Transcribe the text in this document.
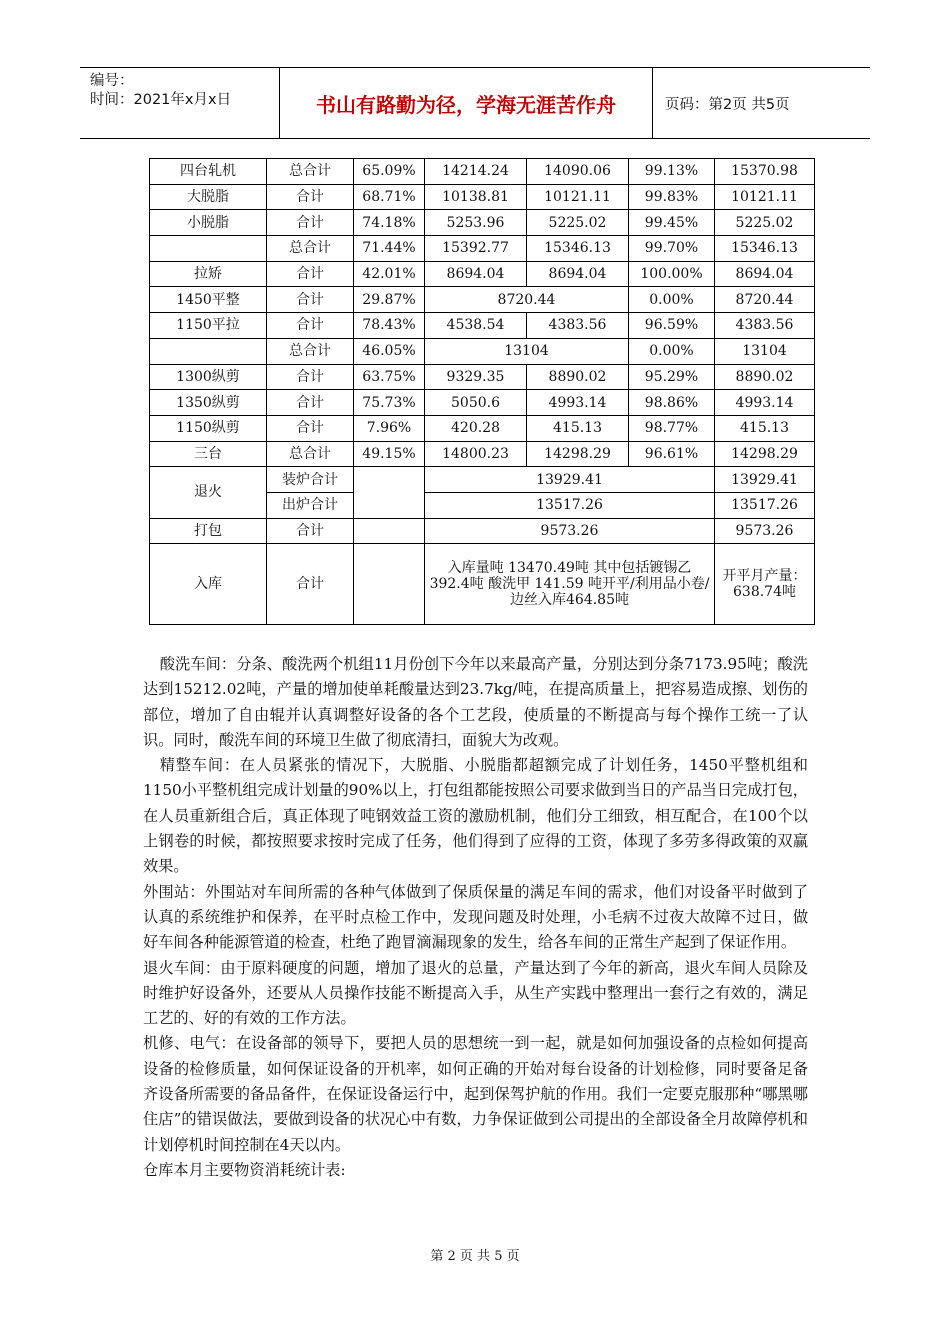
编号：
时间：2021年x月x日	书山有路勤为径，学海无涯苦作舟	页码：第2页 共5页
四台轧机	总合计	65.09%	14214.24	14090.06	99.13%	15370.98
大脱脂	合计	68.71%	10138.81	10121.11	99.83%	10121.11
小脱脂	合计	74.18%	5253.96	5225.02	99.45%	5225.02
	总合计	71.44%	15392.77	15346.13	99.70%	15346.13
拉矫	合计	42.01%	8694.04	8694.04	100.00%	8694.04
1450平整	合计	29.87%	8720.44		0.00%	8720.44
1150平拉	合计	78.43%	4538.54	4383.56	96.59%	4383.56
	总合计	46.05%	13104		0.00%	13104
1300纵剪	合计	63.75%	9329.35	8890.02	95.29%	8890.02
1350纵剪	合计	75.73%	5050.6	4993.14	98.86%	4993.14
1150纵剪	合计	7.96%	420.28	415.13	98.77%	415.13
三台	总合计	49.15%	14800.23	14298.29	96.61%	14298.29
退火	装炉合计		13929.41			13929.41
	出炉合计		13517.26			13517.26
打包	合计		9573.26			9573.26
入库	合计		入库量吨 13470.49吨 其中包括镀锡乙 392.4吨 酸洗甲 141.59 吨开平/利用品小卷/边丝入库464.85吨			开平月产量：638.74吨

酸洗车间：分条、酸洗两个机组11月份创下今年以来最高产量，分别达到分条7173.95吨；酸洗达到15212.02吨，产量的增加使单耗酸量达到23.7kg/吨，在提高质量上，把容易造成擦、划伤的部位，增加了自由辊并认真调整好设备的各个工艺段，使质量的不断提高与每个操作工统一了认识。同时，酸洗车间的环境卫生做了彻底清扫，面貌大为改观。

精整车间：在人员紧张的情况下，大脱脂、小脱脂都超额完成了计划任务，1450平整机组和1150小平整机组完成计划量的90%以上，打包组都能按照公司要求做到当日的产品当日完成打包，在人员重新组合后，真正体现了吨钢效益工资的激励机制，他们分工细致，相互配合，在100个以上钢卷的时候，都按照要求按时完成了任务，他们得到了应得的工资，体现了多劳多得政策的双赢效果。

外围站：外围站对车间所需的各种气体做到了保质保量的满足车间的需求，他们对设备平时做到了认真的系统维护和保养，在平时点检工作中，发现问题及时处理，小毛病不过夜大故障不过日，做好车间各种能源管道的检查，杜绝了跑冒滴漏现象的发生，给各车间的正常生产起到了保证作用。

退火车间：由于原料硬度的问题，增加了退火的总量，产量达到了今年的新高，退火车间人员除及时维护好设备外，还要从人员操作技能不断提高入手，从生产实践中整理出一套行之有效的，满足工艺的、好的有效的工作方法。

机修、电气：在设备部的领导下，要把人员的思想统一到一起，就是如何加强设备的点检如何提高设备的检修质量，如何保证设备的开机率，如何正确的开始对每台设备的计划检修，同时要备足备齐设备所需要的备品备件，在保证设备运行中，起到保驾护航的作用。我们一定要克服那种“哪黑哪住店”的错误做法，要做到设备的状况心中有数，力争保证做到公司提出的全部设备全月故障停机和计划停机时间控制在4天以内。

仓库本月主要物资消耗统计表:

第 2 页 共 5 页
